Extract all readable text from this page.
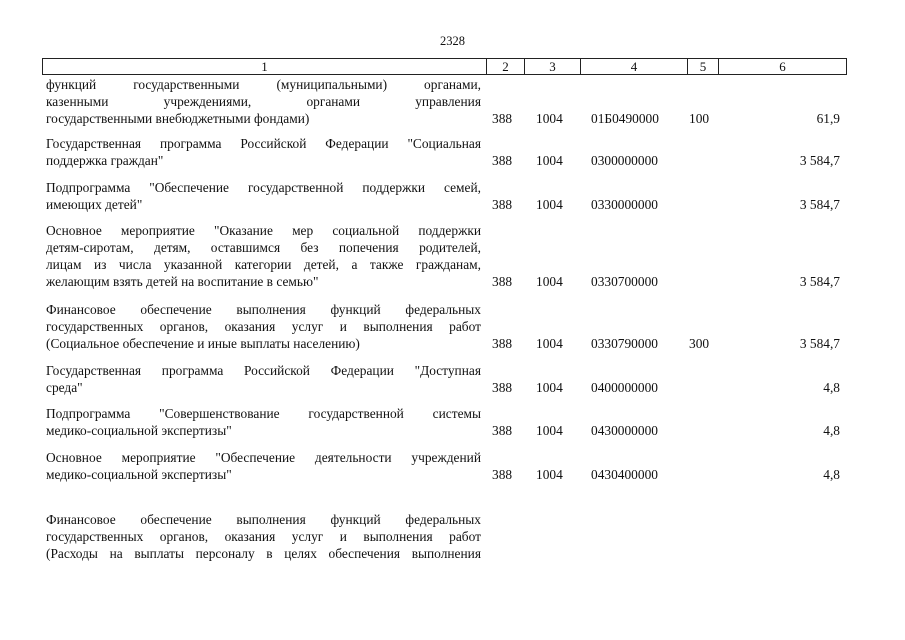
2328
1	2	3	4	5	6
функций государственными (муниципальными) органами,
казенными учреждениями, органами управления
государственными внебюджетными фондами)	388 1004 01Б0490000 100	61,9
Государственная программа Российской Федерации "Социальная
поддержка граждан"	388 1004 0300000000	3 584,7
Подпрограмма "Обеспечение государственной поддержки семей,
имеющих детей"	388 1004 0330000000	3 584,7
Основное мероприятие "Оказание мер социальной поддержки
детям-сиротам, детям, оставшимся без попечения родителей,
лицам из числа указанной категории детей, а также гражданам,
желающим взять детей на воспитание в семью"	388 1004 0330700000	3 584,7
Финансовое обеспечение выполнения функций федеральных
государственных органов, оказания услуг и выполнения работ
(Социальное обеспечение и иные выплаты населению)	388 1004 0330790000 300	3 584,7
Государственная программа Российской Федерации "Доступная
среда"	388 1004 0400000000	4,8
Подпрограмма "Совершенствование государственной системы
медико-социальной экспертизы"	388 1004 0430000000	4,8
Основное мероприятие "Обеспечение деятельности учреждений
медико-социальной экспертизы"	388 1004 0430400000	4,8
Финансовое обеспечение выполнения функций федеральных
государственных органов, оказания услуг и выполнения работ
(Расходы на выплаты персоналу в целях обеспечения выполнения
